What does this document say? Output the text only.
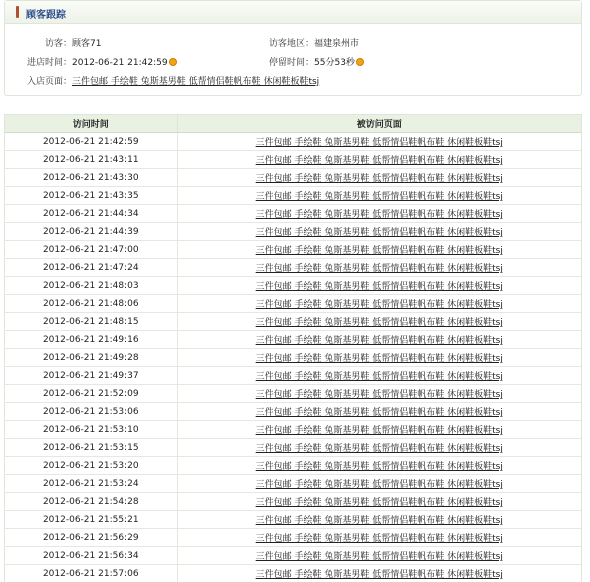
顾客跟踪
访客：顾客71	访客地区：福建泉州市
进店时间：2012-06-21 21:42:59	停留时间：55分53秒
入店页面：三件包邮 手绘鞋 兔斯基男鞋 低帮情侣鞋帆布鞋 休闲鞋板鞋tsj
访问时间	被访问页面
2012-06-21 21:42:59	三件包邮 手绘鞋 兔斯基男鞋 低帮情侣鞋帆布鞋 休闲鞋板鞋tsj
2012-06-21 21:43:11	三件包邮 手绘鞋 兔斯基男鞋 低帮情侣鞋帆布鞋 休闲鞋板鞋tsj
2012-06-21 21:43:30	三件包邮 手绘鞋 兔斯基男鞋 低帮情侣鞋帆布鞋 休闲鞋板鞋tsj
2012-06-21 21:43:35	三件包邮 手绘鞋 兔斯基男鞋 低帮情侣鞋帆布鞋 休闲鞋板鞋tsj
2012-06-21 21:44:34	三件包邮 手绘鞋 兔斯基男鞋 低帮情侣鞋帆布鞋 休闲鞋板鞋tsj
2012-06-21 21:44:39	三件包邮 手绘鞋 兔斯基男鞋 低帮情侣鞋帆布鞋 休闲鞋板鞋tsj
2012-06-21 21:47:00	三件包邮 手绘鞋 兔斯基男鞋 低帮情侣鞋帆布鞋 休闲鞋板鞋tsj
2012-06-21 21:47:24	三件包邮 手绘鞋 兔斯基男鞋 低帮情侣鞋帆布鞋 休闲鞋板鞋tsj
2012-06-21 21:48:03	三件包邮 手绘鞋 兔斯基男鞋 低帮情侣鞋帆布鞋 休闲鞋板鞋tsj
2012-06-21 21:48:06	三件包邮 手绘鞋 兔斯基男鞋 低帮情侣鞋帆布鞋 休闲鞋板鞋tsj
2012-06-21 21:48:15	三件包邮 手绘鞋 兔斯基男鞋 低帮情侣鞋帆布鞋 休闲鞋板鞋tsj
2012-06-21 21:49:16	三件包邮 手绘鞋 兔斯基男鞋 低帮情侣鞋帆布鞋 休闲鞋板鞋tsj
2012-06-21 21:49:28	三件包邮 手绘鞋 兔斯基男鞋 低帮情侣鞋帆布鞋 休闲鞋板鞋tsj
2012-06-21 21:49:37	三件包邮 手绘鞋 兔斯基男鞋 低帮情侣鞋帆布鞋 休闲鞋板鞋tsj
2012-06-21 21:52:09	三件包邮 手绘鞋 兔斯基男鞋 低帮情侣鞋帆布鞋 休闲鞋板鞋tsj
2012-06-21 21:53:06	三件包邮 手绘鞋 兔斯基男鞋 低帮情侣鞋帆布鞋 休闲鞋板鞋tsj
2012-06-21 21:53:10	三件包邮 手绘鞋 兔斯基男鞋 低帮情侣鞋帆布鞋 休闲鞋板鞋tsj
2012-06-21 21:53:15	三件包邮 手绘鞋 兔斯基男鞋 低帮情侣鞋帆布鞋 休闲鞋板鞋tsj
2012-06-21 21:53:20	三件包邮 手绘鞋 兔斯基男鞋 低帮情侣鞋帆布鞋 休闲鞋板鞋tsj
2012-06-21 21:53:24	三件包邮 手绘鞋 兔斯基男鞋 低帮情侣鞋帆布鞋 休闲鞋板鞋tsj
2012-06-21 21:54:28	三件包邮 手绘鞋 兔斯基男鞋 低帮情侣鞋帆布鞋 休闲鞋板鞋tsj
2012-06-21 21:55:21	三件包邮 手绘鞋 兔斯基男鞋 低帮情侣鞋帆布鞋 休闲鞋板鞋tsj
2012-06-21 21:56:29	三件包邮 手绘鞋 兔斯基男鞋 低帮情侣鞋帆布鞋 休闲鞋板鞋tsj
2012-06-21 21:56:34	三件包邮 手绘鞋 兔斯基男鞋 低帮情侣鞋帆布鞋 休闲鞋板鞋tsj
2012-06-21 21:57:06	三件包邮 手绘鞋 兔斯基男鞋 低帮情侣鞋帆布鞋 休闲鞋板鞋tsj
